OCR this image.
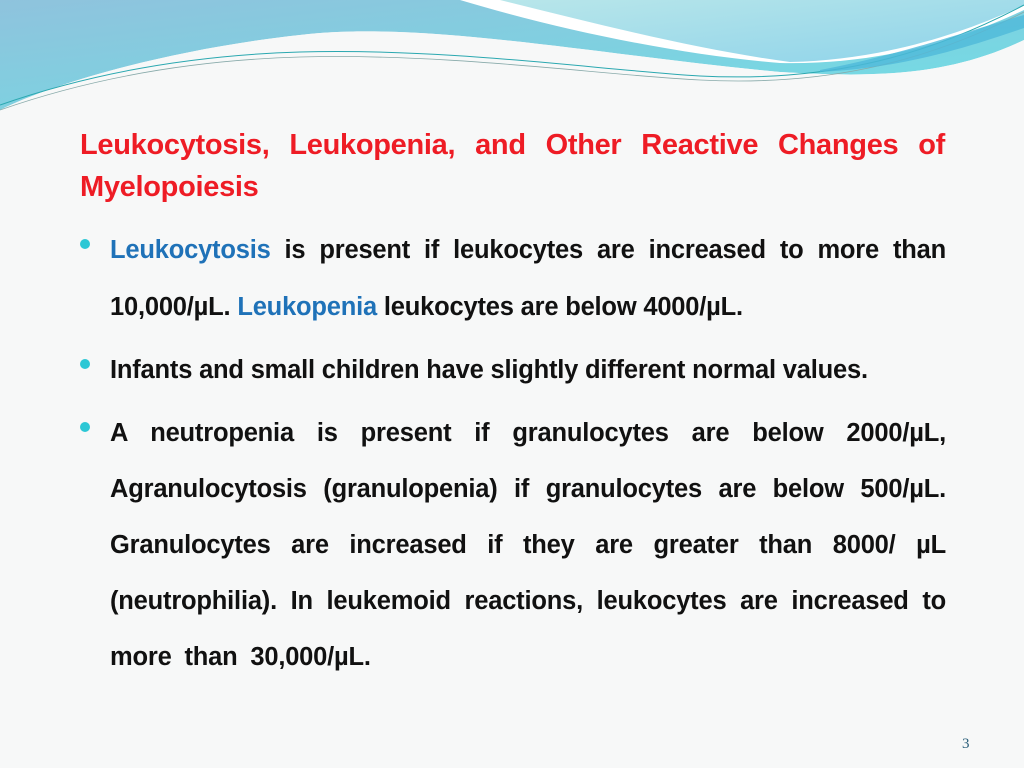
Leukocytosis, Leukopenia, and Other Reactive Changes of Myelopoiesis
Leukocytosis is present if leukocytes are increased to more than 10,000/µL. Leukopenia leukocytes are below 4000/µL.
Infants and small children have slightly different normal values.
A neutropenia is present if granulocytes are below 2000/µL, Agranulocytosis (granulopenia) if granulocytes are below 500/µL. Granulocytes are increased if they are greater than 8000/ µL (neutrophilia). In leukemoid reactions, leukocytes are increased to more than 30,000/µL.
3
